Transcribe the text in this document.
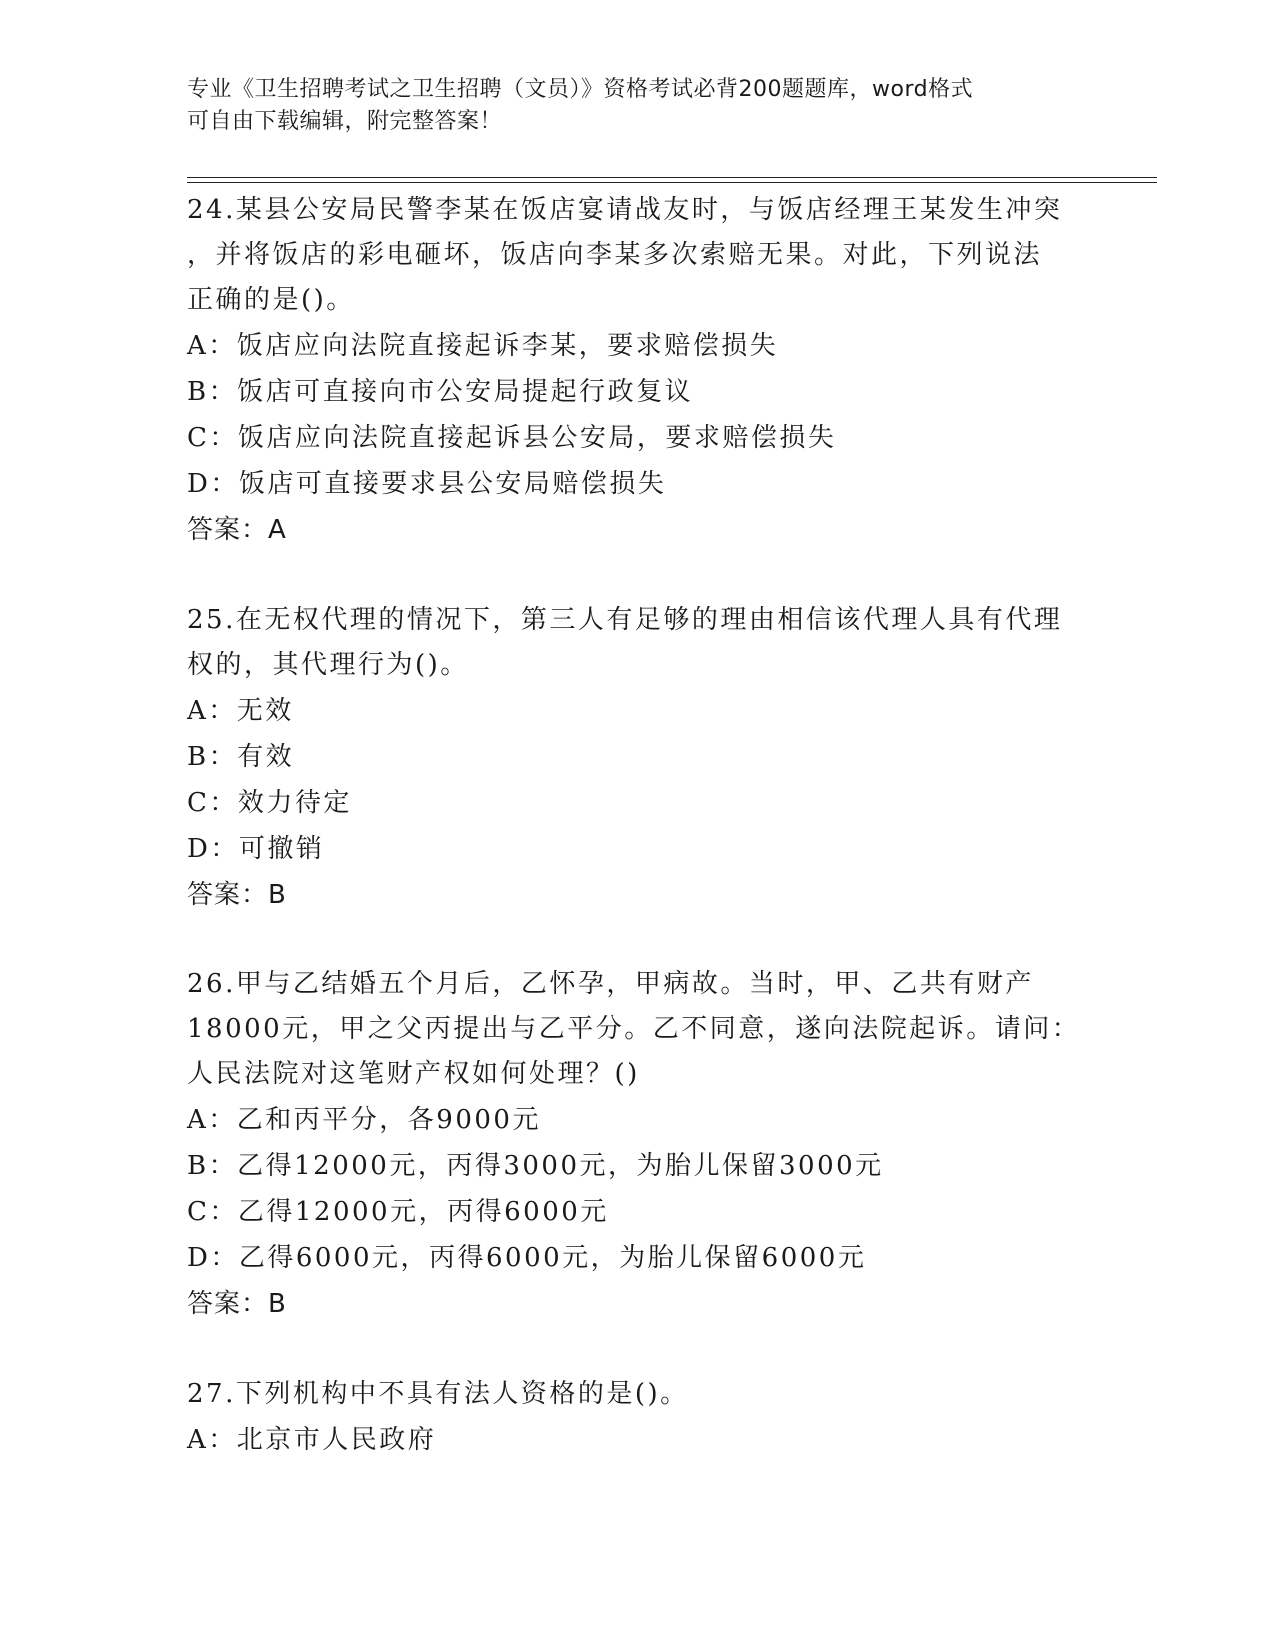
专业《卫生招聘考试之卫生招聘（文员）》资格考试必背200题题库，word格式
可自由下载编辑，附完整答案！
24.某县公安局民警李某在饭店宴请战友时，与饭店经理王某发生冲突
，并将饭店的彩电砸坏，饭店向李某多次索赔无果。对此，下列说法
正确的是()。
A：饭店应向法院直接起诉李某，要求赔偿损失
B：饭店可直接向市公安局提起行政复议
C：饭店应向法院直接起诉县公安局，要求赔偿损失
D：饭店可直接要求县公安局赔偿损失
答案：A
25.在无权代理的情况下，第三人有足够的理由相信该代理人具有代理
权的，其代理行为()。
A：无效
B：有效
C：效力待定
D：可撤销
答案：B
26.甲与乙结婚五个月后，乙怀孕，甲病故。当时，甲、乙共有财产
18000元，甲之父丙提出与乙平分。乙不同意，遂向法院起诉。请问：
人民法院对这笔财产权如何处理？()
A：乙和丙平分，各9000元
B：乙得12000元，丙得3000元，为胎儿保留3000元
C：乙得12000元，丙得6000元
D：乙得6000元，丙得6000元，为胎儿保留6000元
答案：B
27.下列机构中不具有法人资格的是()。
A：北京市人民政府
